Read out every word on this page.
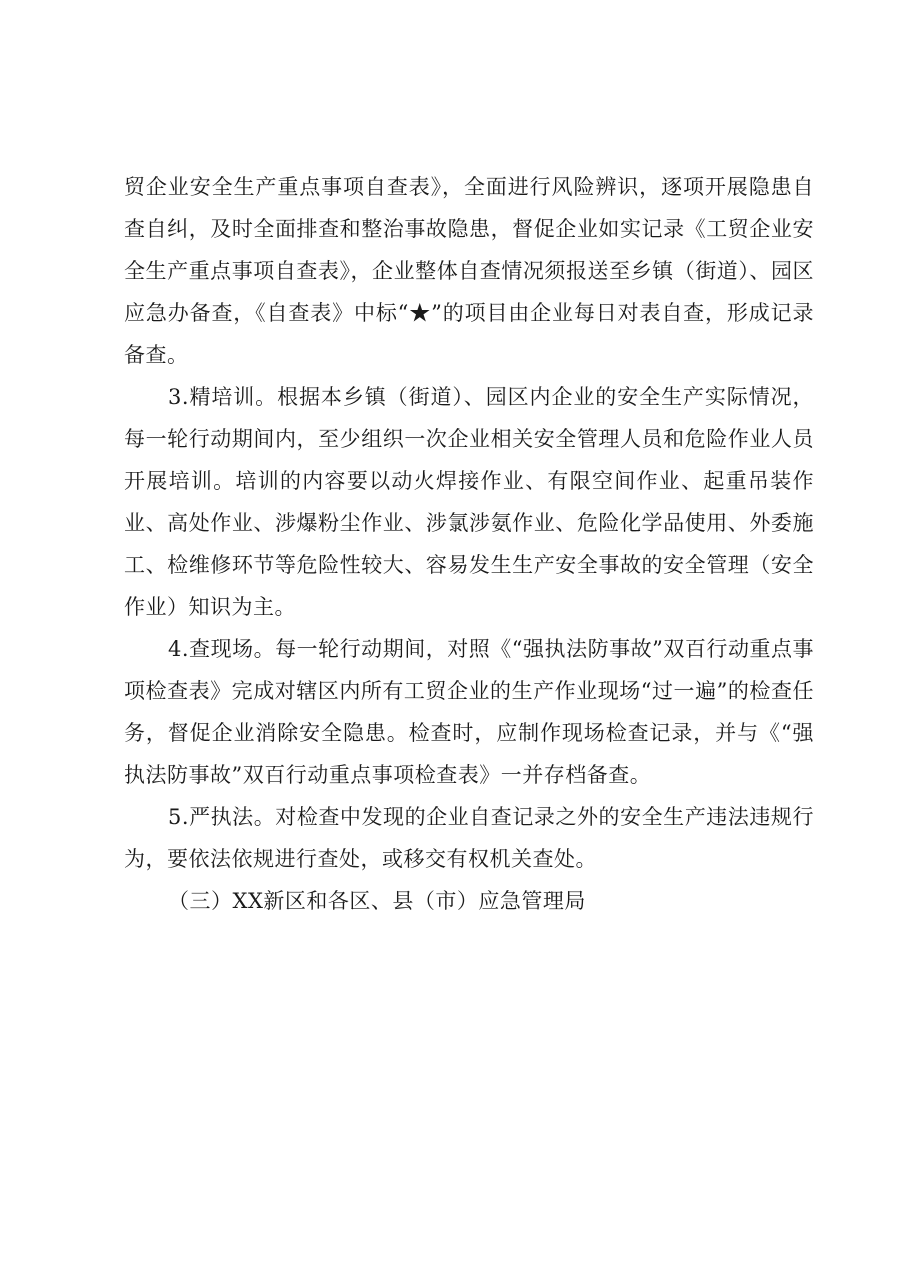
贸企业安全生产重点事项自查表》，全面进行风险辨识，逐项开展隐患自查自纠，及时全面排查和整治事故隐患，督促企业如实记录《工贸企业安全生产重点事项自查表》，企业整体自查情况须报送至乡镇（街道）、园区应急办备查，《自查表》中标“★”的项目由企业每日对表自查，形成记录备查。

3.精培训。根据本乡镇（街道）、园区内企业的安全生产实际情况，每一轮行动期间内，至少组织一次企业相关安全管理人员和危险作业人员开展培训。培训的内容要以动火焊接作业、有限空间作业、起重吊装作业、高处作业、涉爆粉尘作业、涉氯涉氨作业、危险化学品使用、外委施工、检维修环节等危险性较大、容易发生生产安全事故的安全管理（安全作业）知识为主。

4.查现场。每一轮行动期间，对照《“强执法防事故”双百行动重点事项检查表》完成对辖区内所有工贸企业的生产作业现场“过一遍”的检查任务，督促企业消除安全隐患。检查时，应制作现场检查记录，并与《“强执法防事故”双百行动重点事项检查表》一并存档备查。

5.严执法。对检查中发现的企业自查记录之外的安全生产违法违规行为，要依法依规进行查处，或移交有权机关查处。

（三）XX新区和各区、县（市）应急管理局
